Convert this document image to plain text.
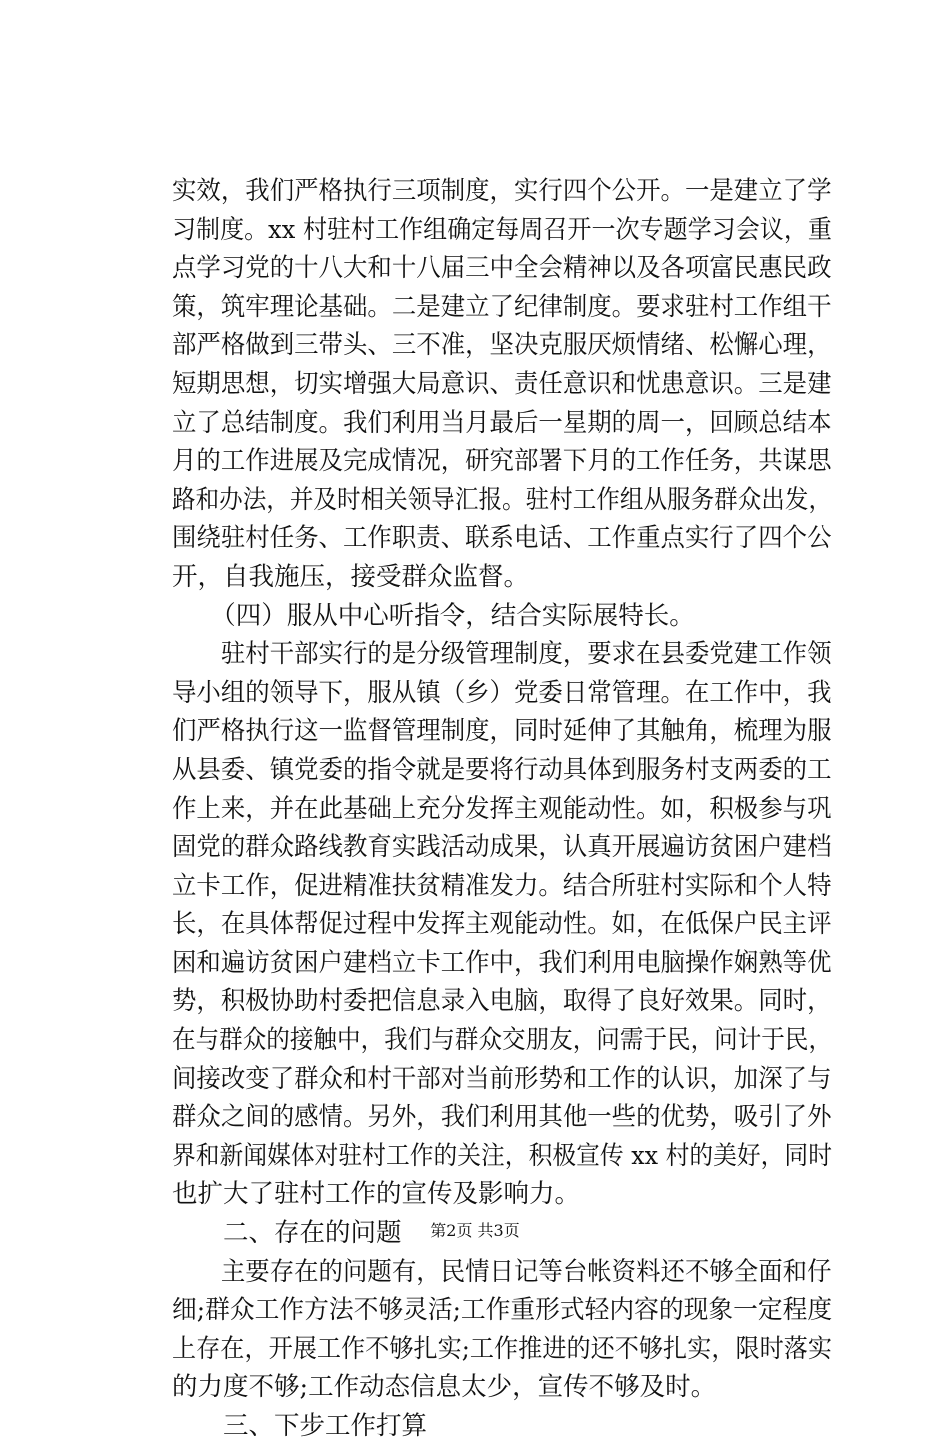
实效，我们严格执行三项制度，实行四个公开。一是建立了学
习制度。xx 村驻村工作组确定每周召开一次专题学习会议，重
点学习党的十八大和十八届三中全会精神以及各项富民惠民政
策，筑牢理论基础。二是建立了纪律制度。要求驻村工作组干
部严格做到三带头、三不准，坚决克服厌烦情绪、松懈心理，
短期思想，切实增强大局意识、责任意识和忧患意识。三是建
立了总结制度。我们利用当月最后一星期的周一，回顾总结本
月的工作进展及完成情况，研究部署下月的工作任务，共谋思
路和办法，并及时相关领导汇报。驻村工作组从服务群众出发，
围绕驻村任务、工作职责、联系电话、工作重点实行了四个公
开，自我施压，接受群众监督。
　　（四）服从中心听指令，结合实际展特长。
　　驻村干部实行的是分级管理制度，要求在县委党建工作领
导小组的领导下，服从镇（乡）党委日常管理。在工作中，我
们严格执行这一监督管理制度，同时延伸了其触角，梳理为服
从县委、镇党委的指令就是要将行动具体到服务村支两委的工
作上来，并在此基础上充分发挥主观能动性。如，积极参与巩
固党的群众路线教育实践活动成果，认真开展遍访贫困户建档
立卡工作，促进精准扶贫精准发力。结合所驻村实际和个人特
长，在具体帮促过程中发挥主观能动性。如，在低保户民主评
困和遍访贫困户建档立卡工作中，我们利用电脑操作娴熟等优
势，积极协助村委把信息录入电脑，取得了良好效果。同时，
在与群众的接触中，我们与群众交朋友，问需于民，问计于民，
间接改变了群众和村干部对当前形势和工作的认识，加深了与
群众之间的感情。另外，我们利用其他一些的优势，吸引了外
界和新闻媒体对驻村工作的关注，积极宣传 xx 村的美好，同时
也扩大了驻村工作的宣传及影响力。
　　二、存在的问题
　　主要存在的问题有，民情日记等台帐资料还不够全面和仔
细;群众工作方法不够灵活;工作重形式轻内容的现象一定程度
上存在，开展工作不够扎实;工作推进的还不够扎实，限时落实
的力度不够;工作动态信息太少，宣传不够及时。
　　三、下步工作打算
第2页 共3页
